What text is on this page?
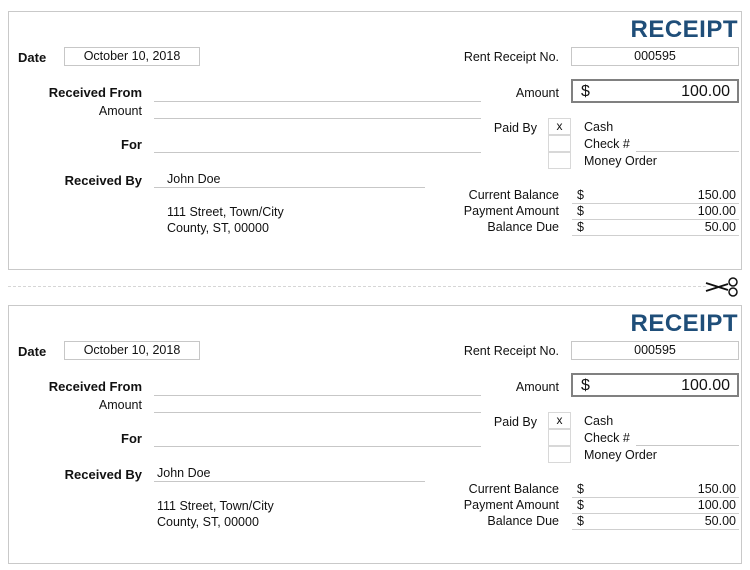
RECEIPT
Date	October 10, 2018	Rent Receipt No.	000595
Received From
Amount
For
Received By John Doe
111 Street, Town/City
County, ST, 00000
Amount $	100.00
Paid By	x	Cash
Check #
Money Order
Current Balance $	150.00
Payment Amount $	100.00
Balance Due $	50.00
RECEIPT
Date	October 10, 2018	Rent Receipt No.	000595
Received From
Amount
For
Received By John Doe
111 Street, Town/City
County, ST, 00000
Amount $	100.00
Paid By	x	Cash
Check #
Money Order
Current Balance $	150.00
Payment Amount $	100.00
Balance Due $	50.00
